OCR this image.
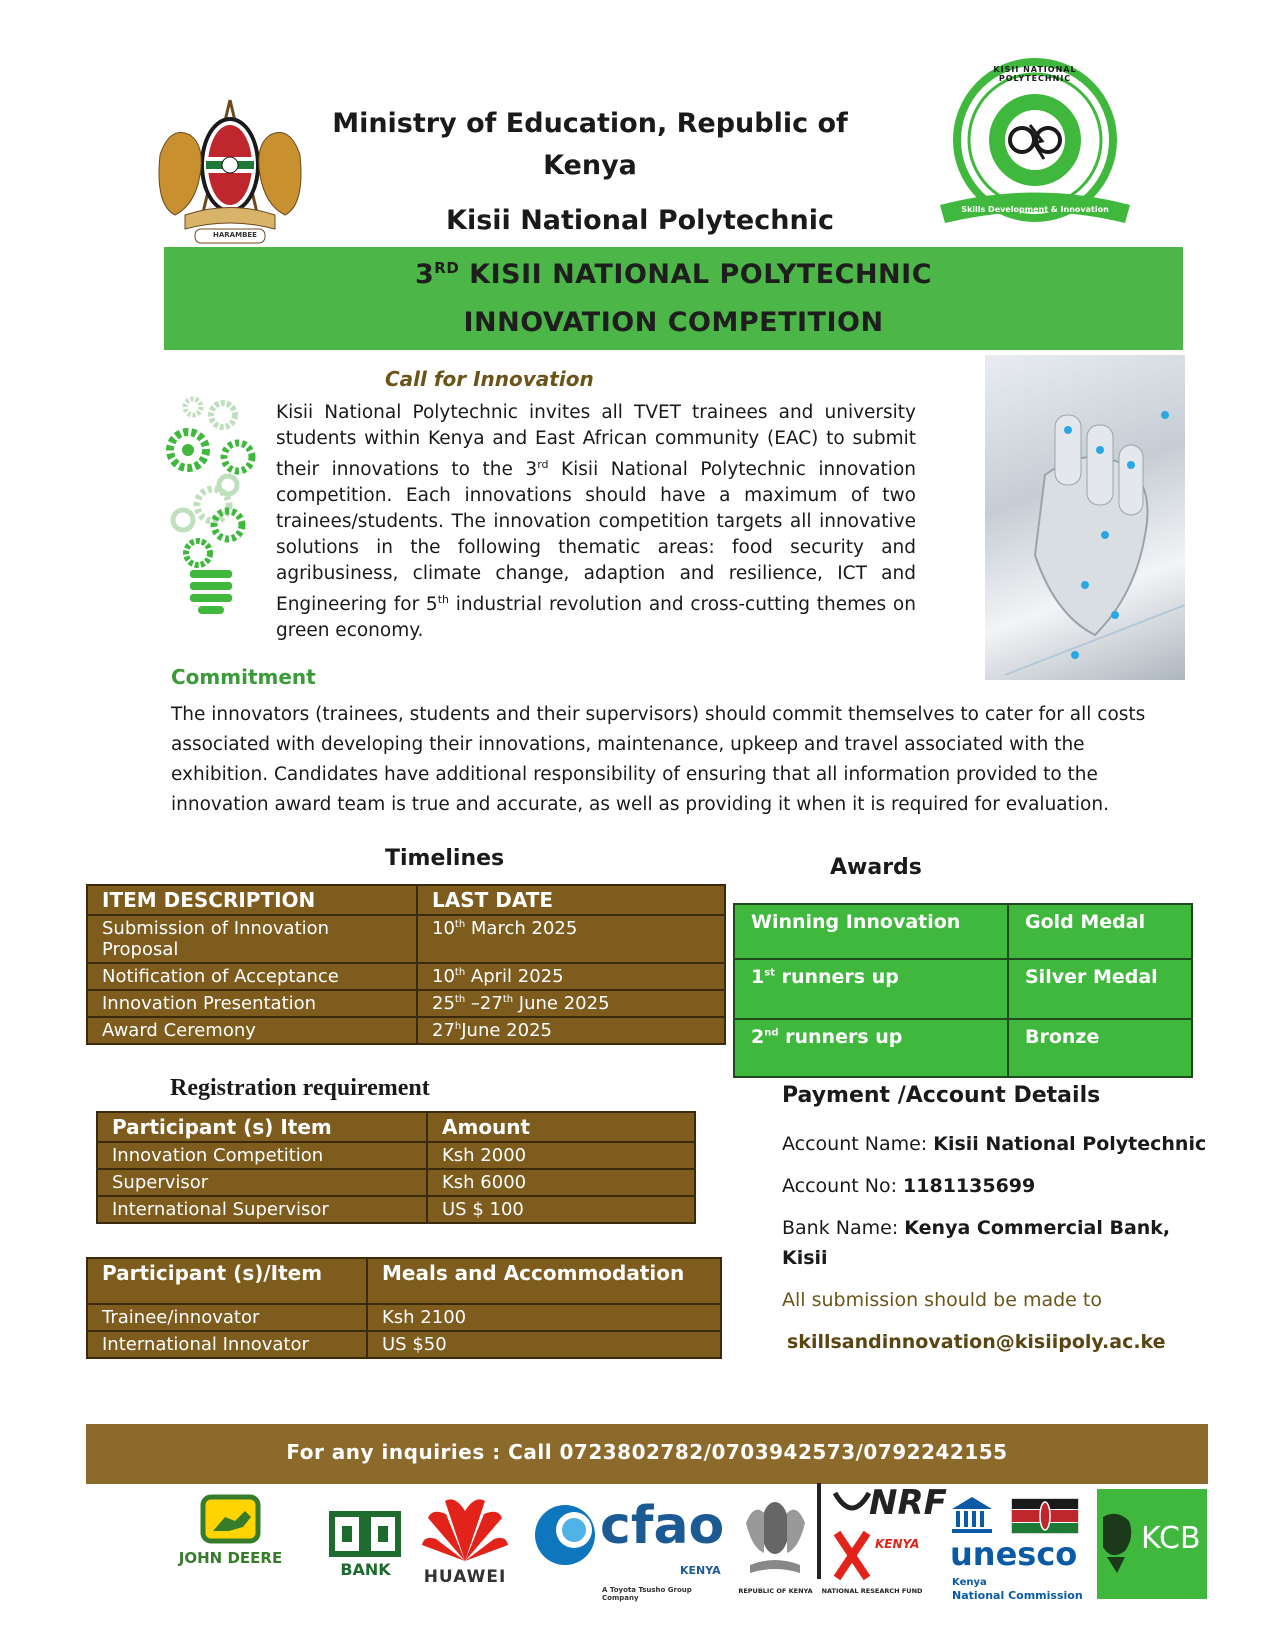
HARAMBEE
Ministry of Education, Republic of
Kenya
Kisii National Polytechnic	Skills Development & Innovation
KISII NATIONAL POLYTECHNIC
3RD KISII NATIONAL POLYTECHNIC
INNOVATION COMPETITION
Call for Innovation
Kisii National Polytechnic invites all TVET trainees and university students within Kenya and East African community (EAC) to submit their innovations to the 3rd Kisii National Polytechnic innovation competition. Each innovations should have a maximum of two trainees/students. The innovation competition targets all innovative solutions in the following thematic areas: food security and agribusiness, climate change, adaption and resilience, ICT and Engineering for 5th industrial revolution and cross-cutting themes on green economy.
Commitment
The innovators (trainees, students and their supervisors) should commit themselves to cater for all costs associated with developing their innovations, maintenance, upkeep and travel associated with the exhibition. Candidates have additional responsibility of ensuring that all information provided to the innovation award team is true and accurate, as well as providing it when it is required for evaluation.
Timelines
ITEM DESCRIPTION	LAST DATE
Submission of Innovation Proposal	10th March 2025
Notification of Acceptance	10th April 2025
Innovation Presentation	25th –27th June 2025
Award Ceremony	27$^h$June 2025
Awards
Winning Innovation	Gold Medal
1st runners up	Silver Medal
2nd runners up	Bronze
Registration requirement
Participant (s) Item	Amount
Innovation Competition	Ksh 2000
Supervisor	Ksh 6000
International Supervisor	US $ 100
Participant (s)/Item	Meals and Accommodation
Trainee/innovator	Ksh 2100
International Innovator	US $50
Payment /Account Details
Account Name: Kisii National Polytechnic
Account No: 1181135699
Bank Name: Kenya Commercial Bank,
Kisii
All submission should be made to
skillsandinnovation@kisiipoly.ac.ke
For any inquiries : Call 0723802782/0703942573/0792242155
JOHN DEERE
BANK	HUAWEI
cfao
KENYA
A Toyota Tsusho Group Company
REPUBLIC OF KENYA
NRF
KENYA
NATIONAL RESEARCH FUND
unesco
Kenya
National Commission
KCB
